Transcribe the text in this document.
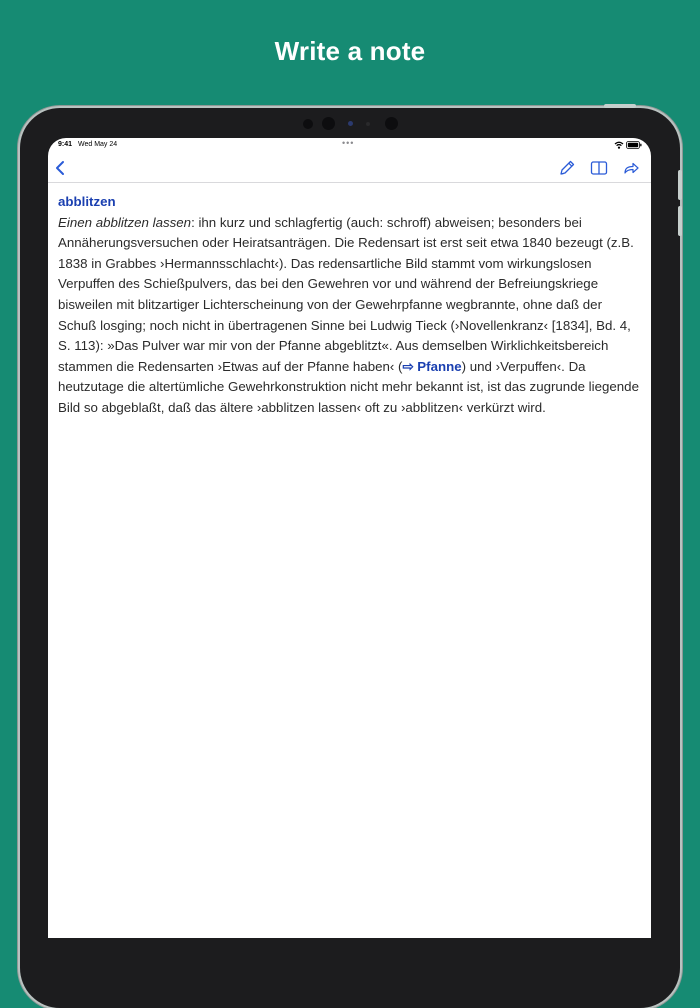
Write a note
9:41 Wed May 24	•••
abblitzen

Einen abblitzen lassen: ihn kurz und schlagfertig (auch: schroff) abweisen; besonders bei Annäherungsversuchen oder Heiratsanträgen. Die Redensart ist erst seit etwa 1840 bezeugt (z.B. 1838 in Grabbes ›Hermannsschlacht‹). Das redensartliche Bild stammt vom wirkungslosen Verpuffen des Schießpulvers, das bei den Gewehren vor und während der Befreiungskriege bisweilen mit blitzartiger Lichterscheinung von der Gewehrpfanne wegbrannte, ohne daß der Schuß losging; noch nicht in übertragenen Sinne bei Ludwig Tieck (›Novellenkranz‹ [1834], Bd. 4, S. 113): »Das Pulver war mir von der Pfanne abgeblitzt«. Aus demselben Wirklichkeitsbereich stammen die Redensarten ›Etwas auf der Pfanne haben‹ (⇨ Pfanne) und ›Verpuffen‹. Da heutzutage die altertümliche Gewehrkonstruktion nicht mehr bekannt ist, ist das zugrunde liegende Bild so abgeblaßt, daß das ältere ›abblitzen lassen‹ oft zu ›abblitzen‹ verkürzt wird.
